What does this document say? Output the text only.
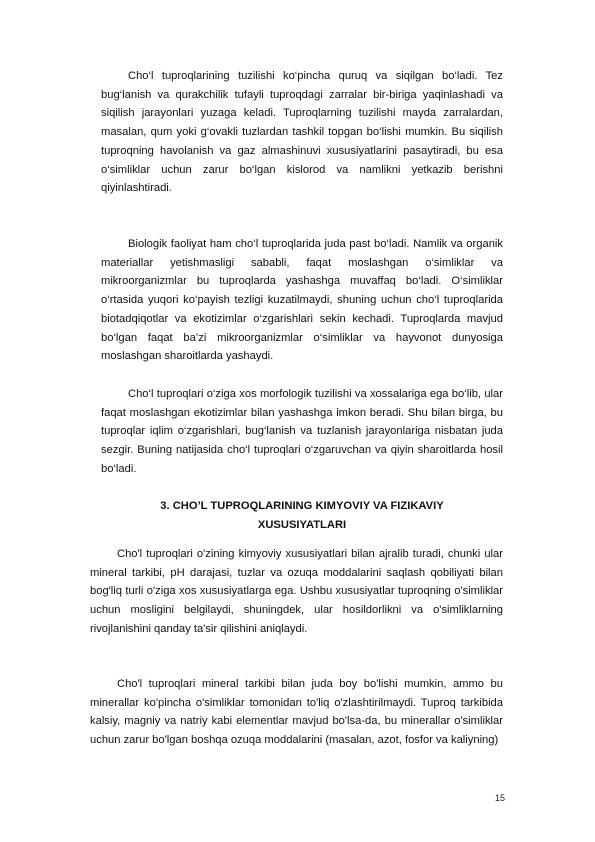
Cho‘l tuproqlarining tuzilishi ko‘pincha quruq va siqilgan bo‘ladi. Tez bug‘lanish va qurakchilik tufayli tuproqdagi zarralar bir-biriga yaqinlashadi va siqilish jarayonlari yuzaga keladi. Tuproqlarning tuzilishi mayda zarralardan, masalan, qum yoki g‘ovakli tuzlardan tashkil topgan bo‘lishi mumkin. Bu siqilish tuproqning havolanish va gaz almashinuvi xususiyatlarini pasaytiradi, bu esa o‘simliklar uchun zarur bo‘lgan kislorod va namlikni yetkazib berishni qiyinlashtiradi.

Biologik faoliyat ham cho‘l tuproqlarida juda past bo‘ladi. Namlik va organik materiallar yetishmasligi sababli, faqat moslashgan o‘simliklar va mikroorganizmlar bu tuproqlarda yashashga muvaffaq bo‘ladi. O‘simliklar o‘rtasida yuqori ko‘payish tezligi kuzatilmaydi, shuning uchun cho‘l tuproqlarida biotadqiqotlar va ekotizimlar o‘zgarishlari sekin kechadi. Tuproqlarda mavjud bo‘lgan faqat ba’zi mikroorganizmlar o‘simliklar va hayvonot dunyosiga moslashgan sharoitlarda yashaydi.

Cho‘l tuproqlari o‘ziga xos morfologik tuzilishi va xossalariga ega bo‘lib, ular faqat moslashgan ekotizimlar bilan yashashga imkon beradi. Shu bilan birga, bu tuproqlar iqlim o‘zgarishlari, bug‘lanish va tuzlanish jarayonlariga nisbatan juda sezgir. Buning natijasida cho‘l tuproqlari o‘zgaruvchan va qiyin sharoitlarda hosil bo‘ladi.

3. CHO’L TUPROQLARINING KIMYOVIY VA FIZIKAVIY
XUSUSIYATLARI

Cho'l tuproqlari o'zining kimyoviy xususiyatlari bilan ajralib turadi, chunki ular mineral tarkibi, pH darajasi, tuzlar va ozuqa moddalarini saqlash qobiliyati bilan bog'liq turli o'ziga xos xususiyatlarga ega. Ushbu xususiyatlar tuproqning o'simliklar uchun mosligini belgilaydi, shuningdek, ular hosildorlikni va o'simliklarning rivojlanishini qanday ta'sir qilishini aniqlaydi.

Cho'l tuproqlari mineral tarkibi bilan juda boy bo'lishi mumkin, ammo bu minerallar ko'pincha o'simliklar tomonidan to'liq o'zlashtirilmaydi. Tuproq tarkibida kalsiy, magniy va natriy kabi elementlar mavjud bo'lsa-da, bu minerallar o'simliklar uchun zarur bo'lgan boshqa ozuqa moddalarini (masalan, azot, fosfor va kaliyning)

15
